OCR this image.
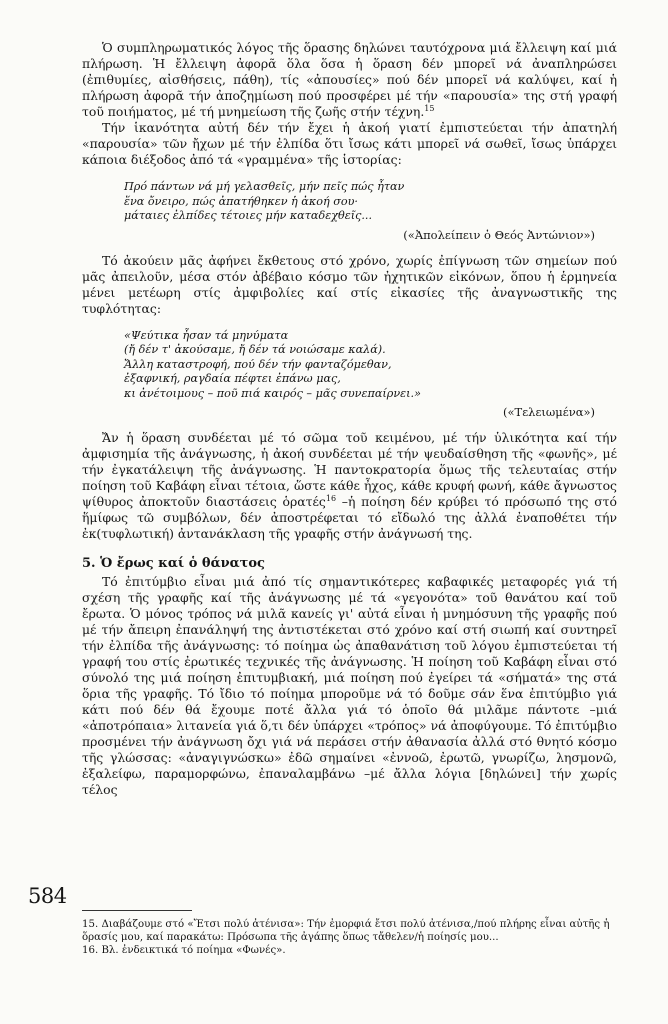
Ὁ συμπληρωματικός λόγος τῆς ὅρασης δηλώνει ταυτόχρονα μιά ἔλλειψη καί μιά πλήρωση. Ἡ ἔλλειψη ἀφορᾶ ὅλα ὅσα ἡ ὅραση δέν μπορεῖ νά ἀναπληρώσει (ἐπιθυμίες, αἰσθήσεις, πάθη), τίς «ἀπουσίες» πού δέν μπορεῖ νά καλύψει, καί ἡ πλήρωση ἀφορᾶ τήν ἀποζημίωση πού προσφέρει μέ τήν «παρουσία» της στή γραφή τοῦ ποιήματος, μέ τή μνημείωση τῆς ζωῆς στήν τέχνη.$^{15}$

Τήν ἱκανότητα αὐτή δέν τήν ἔχει ἡ ἀκοή γιατί ἐμπιστεύεται τήν ἀπατηλή «παρουσία» τῶν ἤχων μέ τήν ἐλπίδα ὅτι ἴσως κάτι μπορεῖ νά σωθεῖ, ἴσως ὑπάρχει κάποια διέξοδος ἀπό τά «γραμμένα» τῆς ἱστορίας:

Πρό πάντων νά μή γελασθεῖς, μήν πεῖς πώς ἦταν
ἕνα ὄνειρο, πώς ἀπατήθηκεν ἡ ἀκοή σου·
μάταιες ἐλπίδες τέτοιες μήν καταδεχθεῖς...
(«Ἀπολείπειν ὁ Θεός Ἀντώνιον»)

Τό ἀκούειν μᾶς ἀφήνει ἔκθετους στό χρόνο, χωρίς ἐπίγνωση τῶν σημείων πού μᾶς ἀπειλοῦν, μέσα στόν ἀβέβαιο κόσμο τῶν ἠχητικῶν εἰκόνων, ὅπου ἡ ἑρμηνεία μένει μετέωρη στίς ἀμφιβολίες καί στίς εἰκασίες τῆς ἀναγνωστικῆς της τυφλότητας:

«Ψεύτικα ἦσαν τά μηνύματα
(ἤ δέν τ' ἀκούσαμε, ἤ δέν τά νοιώσαμε καλά).
Ἄλλη καταστροφή, πού δέν τήν φανταζόμεθαν,
ἐξαφνική, ραγδαία πέφτει ἐπάνω μας,
κι ἀνέτοιμους – ποῦ πιά καιρός – μᾶς συνεπαίρνει.»
(«Τελειωμένα»)

Ἄν ἡ ὅραση συνδέεται μέ τό σῶμα τοῦ κειμένου, μέ τήν ὑλικότητα καί τήν ἀμφισημία τῆς ἀνάγνωσης, ἡ ἀκοή συνδέεται μέ τήν ψευδαίσθηση τῆς «φωνῆς», μέ τήν ἐγκατάλειψη τῆς ἀνάγνωσης. Ἡ παντοκρατορία ὅμως τῆς τελευταίας στήν ποίηση τοῦ Καβάφη εἶναι τέτοια, ὥστε κάθε ἦχος, κάθε κρυφή φωνή, κάθε ἄγνωστος ψίθυρος ἀποκτοῦν διαστάσεις ὁρατές$^{16}$ –ἡ ποίηση δέν κρύβει τό πρόσωπό της στό ἥμίφως τῶ συμβόλων, δέν ἀποστρέφεται τό εἴδωλό της ἀλλά ἐναποθέτει τήν ἐκ(τυφλωτική) ἀντανάκλαση τῆς γραφῆς στήν ἀνάγνωσή της.

5. Ὁ ἔρως καί ὁ θάνατος

Τό ἐπιτύμβιο εἶναι μιά ἀπό τίς σημαντικότερες καβαφικές μεταφορές γιά τή σχέση τῆς γραφῆς καί τῆς ἀνάγνωσης μέ τά «γεγονότα» τοῦ θανάτου καί τοῦ ἔρωτα. Ὁ μόνος τρόπος νά μιλᾶ κανείς γι' αὐτά εἶναι ἡ μνημόσυνη τῆς γραφῆς πού μέ τήν ἄπειρη ἐπανάληψή της ἀντιστέκεται στό χρόνο καί στή σιωπή καί συντηρεῖ τήν ἐλπίδα τῆς ἀνάγνωσης: τό ποίημα ὡς ἀπαθανάτιση τοῦ λόγου ἐμπιστεύεται τή γραφή του στίς ἐρωτικές τεχνικές τῆς ἀνάγνωσης. Ἡ ποίηση τοῦ Καβάφη εἶναι στό σύνολό της μιά ποίηση ἐπιτυμβιακή, μιά ποίηση πού ἐγείρει τά «σήματά» της στά ὅρια τῆς γραφῆς. Τό ἴδιο τό ποίημα μποροῦμε νά τό δοῦμε σάν ἕνα ἐπιτύμβιο γιά κάτι πού δέν θά ἔχουμε ποτέ ἄλλα γιά τό ὁποῖο θά μιλᾶμε πάντοτε –μιά «ἀποτρόπαια» λιτανεία γιά ὅ,τι δέν ὑπάρχει «τρόπος» νά ἀποφύγουμε. Τό ἐπιτύμβιο προσμένει τήν ἀνάγνωση ὄχι γιά νά περάσει στήν ἀθανασία ἀλλά στό θνητό κόσμο τῆς γλώσσας: «ἀναγιγνώσκω» ἐδῶ σημαίνει «ἐννοῶ, ἐρωτῶ, γνωρίζω, λησμονῶ, ἐξαλείφω, παραμορφώνω, ἐπαναλαμβάνω –μέ ἄλλα λόγια [δηλώνει] τήν χωρίς τέλος

584
15. Διαβάζουμε στό «Ἔτσι πολύ ἀτένισα»: Τήν ἐμορφιά ἔτσι πολύ ἀτένισα,/πού πλήρης εἶναι αὐτῆς ἡ ὅρασίς μου, καί παρακάτω: Πρόσωπα τῆς ἀγάπης ὅπως τἄθελεν/ἡ ποίησίς μου...
16. Βλ. ἐνδεικτικά τό ποίημα «Φωνές».
